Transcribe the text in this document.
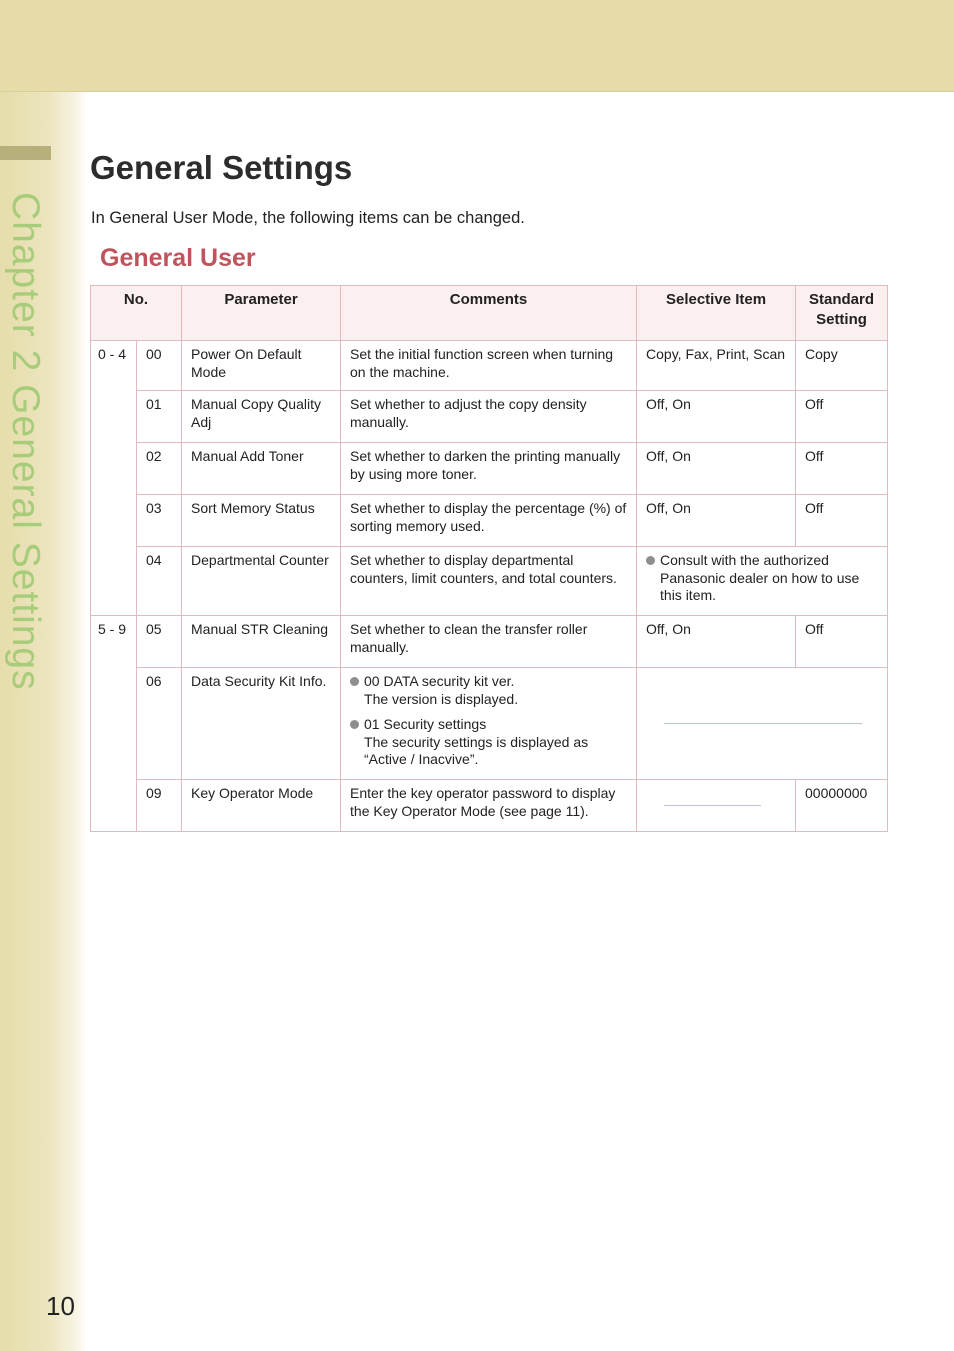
Chapter 2 General Settings
General Settings

In General User Mode, the following items can be changed.

General User
No.		Parameter	Comments	Selective Item	Standard Setting
0 - 4	00	Power On Default Mode	Set the initial function screen when turning on the machine.	Copy, Fax, Print, Scan	Copy
	01	Manual Copy Quality Adj	Set whether to adjust the copy density manually.	Off, On	Off
	02	Manual Add Toner	Set whether to darken the printing manually by using more toner.	Off, On	Off
	03	Sort Memory Status	Set whether to display the percentage (%) of sorting memory used.	Off, On	Off
	04	Departmental Counter	Set whether to display departmental counters, limit counters, and total counters.	Consult with the authorized Panasonic dealer on how to use this item.	

5 - 9	05	Manual STR Cleaning	Set whether to clean the transfer roller manually.	Off, On	Off
	06	Data Security Kit Info.	00 DATA security kit ver.
The version is displayed.
01 Security settings
The security settings is displayed as “Active / Inacvive”.		

	09	Key Operator Mode	Enter the key operator password to display the Key Operator Mode (see page 11).		00000000
10
